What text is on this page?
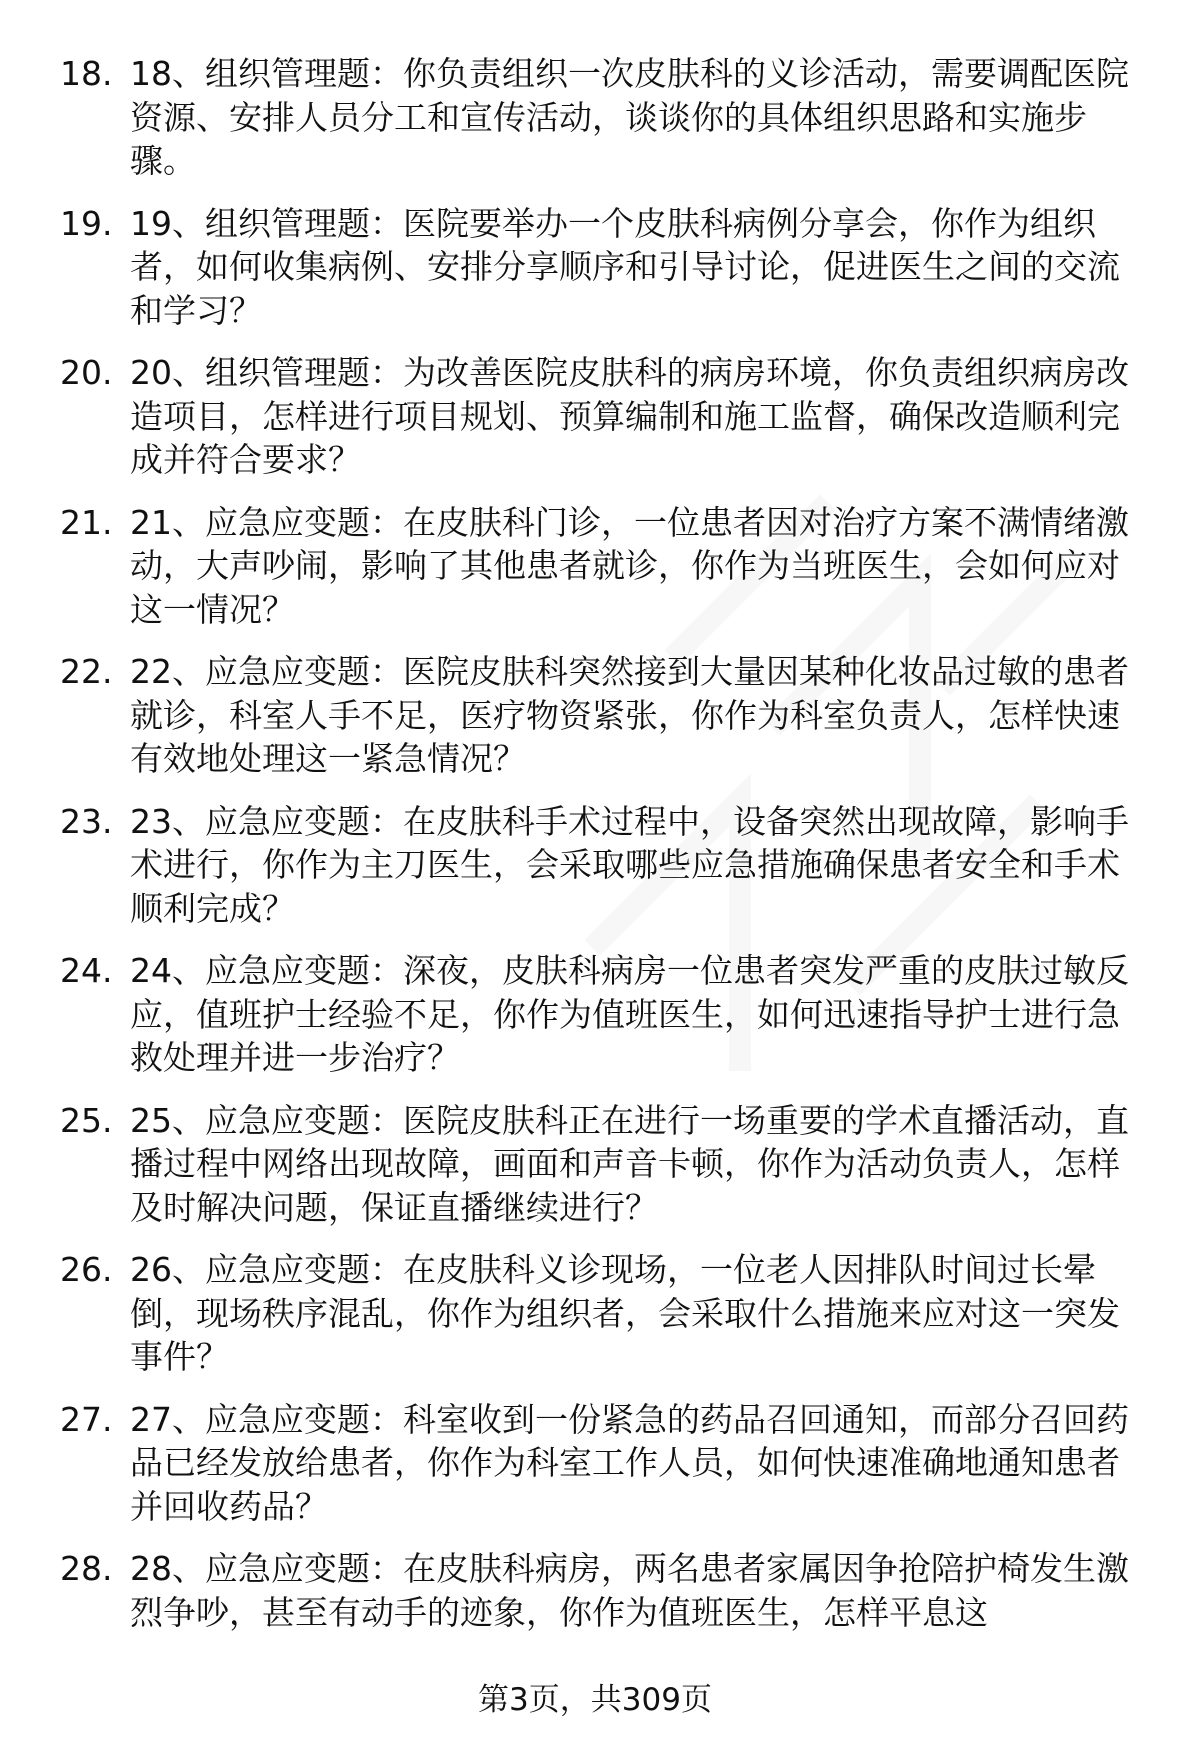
18. 18、组织管理题：你负责组织一次皮肤科的义诊活动，需要调配医院资源、安排人员分工和宣传活动，谈谈你的具体组织思路和实施步骤。
19. 19、组织管理题：医院要举办一个皮肤科病例分享会，你作为组织者，如何收集病例、安排分享顺序和引导讨论，促进医生之间的交流和学习？
20. 20、组织管理题：为改善医院皮肤科的病房环境，你负责组织病房改造项目，怎样进行项目规划、预算编制和施工监督，确保改造顺利完成并符合要求？
21. 21、应急应变题：在皮肤科门诊，一位患者因对治疗方案不满情绪激动，大声吵闹，影响了其他患者就诊，你作为当班医生，会如何应对这一情况？
22. 22、应急应变题：医院皮肤科突然接到大量因某种化妆品过敏的患者就诊，科室人手不足，医疗物资紧张，你作为科室负责人，怎样快速有效地处理这一紧急情况？
23. 23、应急应变题：在皮肤科手术过程中，设备突然出现故障，影响手术进行，你作为主刀医生，会采取哪些应急措施确保患者安全和手术顺利完成？
24. 24、应急应变题：深夜，皮肤科病房一位患者突发严重的皮肤过敏反应，值班护士经验不足，你作为值班医生，如何迅速指导护士进行急救处理并进一步治疗？
25. 25、应急应变题：医院皮肤科正在进行一场重要的学术直播活动，直播过程中网络出现故障，画面和声音卡顿，你作为活动负责人，怎样及时解决问题，保证直播继续进行？
26. 26、应急应变题：在皮肤科义诊现场，一位老人因排队时间过长晕倒，现场秩序混乱，你作为组织者，会采取什么措施来应对这一突发事件？
27. 27、应急应变题：科室收到一份紧急的药品召回通知，而部分召回药品已经发放给患者，你作为科室工作人员，如何快速准确地通知患者并回收药品？
28. 28、应急应变题：在皮肤科病房，两名患者家属因争抢陪护椅发生激烈争吵，甚至有动手的迹象，你作为值班医生，怎样平息这
第3页，共309页
